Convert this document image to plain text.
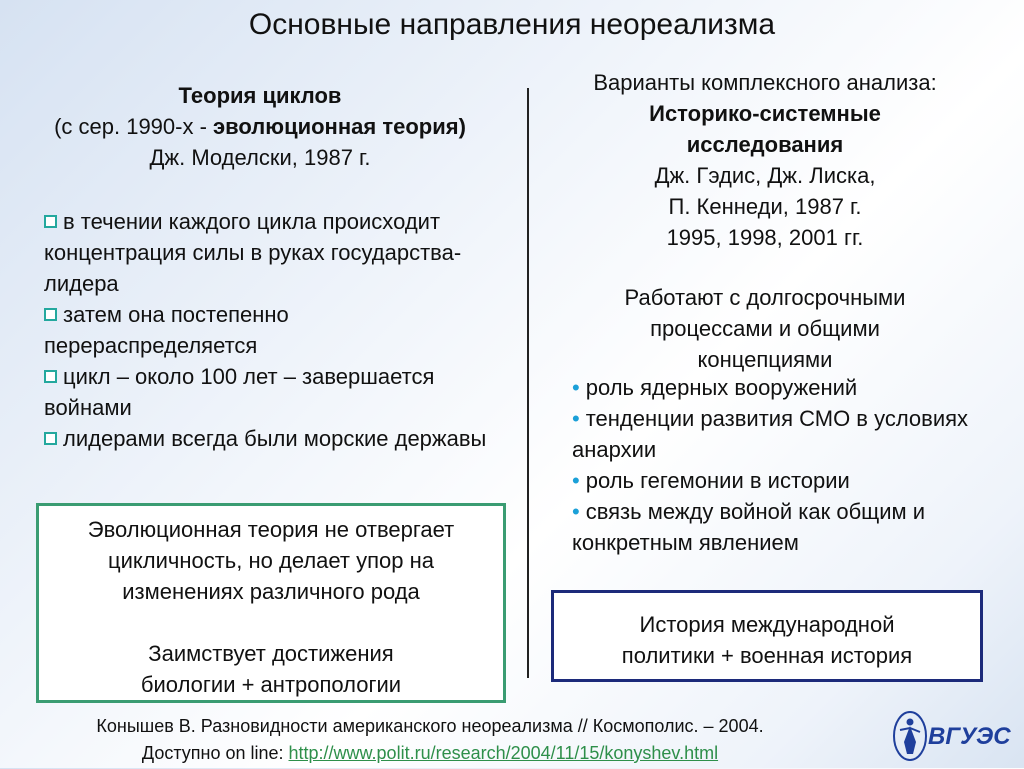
Основные направления неореализма
Теория циклов
(с сер. 1990-х - эволюционная теория)
Дж. Моделски, 1987 г.
в течении каждого цикла происходит концентрация силы в руках государства-лидера
затем она постепенно перераспределяется
цикл – около 100 лет – завершается войнами
лидерами всегда были морские державы
Эволюционная теория не отвергает
цикличность, но делает упор на
изменениях различного рода
Заимствует достижения
биологии + антропологии
Варианты комплексного анализа:
Историко-системные
исследования
Дж. Гэдис, Дж. Лиска,
П. Кеннеди, 1987 г.
1995, 1998, 2001 гг.
Работают с долгосрочными
процессами и общими
концепциями
• роль ядерных вооружений
• тенденции развития СМО в условиях анархии
• роль гегемонии в истории
• связь между войной как общим и конкретным явлением
История международной
политики + военная история
Конышев В. Разновидности американского неореализма // Космополис. – 2004.
Доступно on line: http://www.polit.ru/research/2004/11/15/konyshev.html
ВГУЭС
